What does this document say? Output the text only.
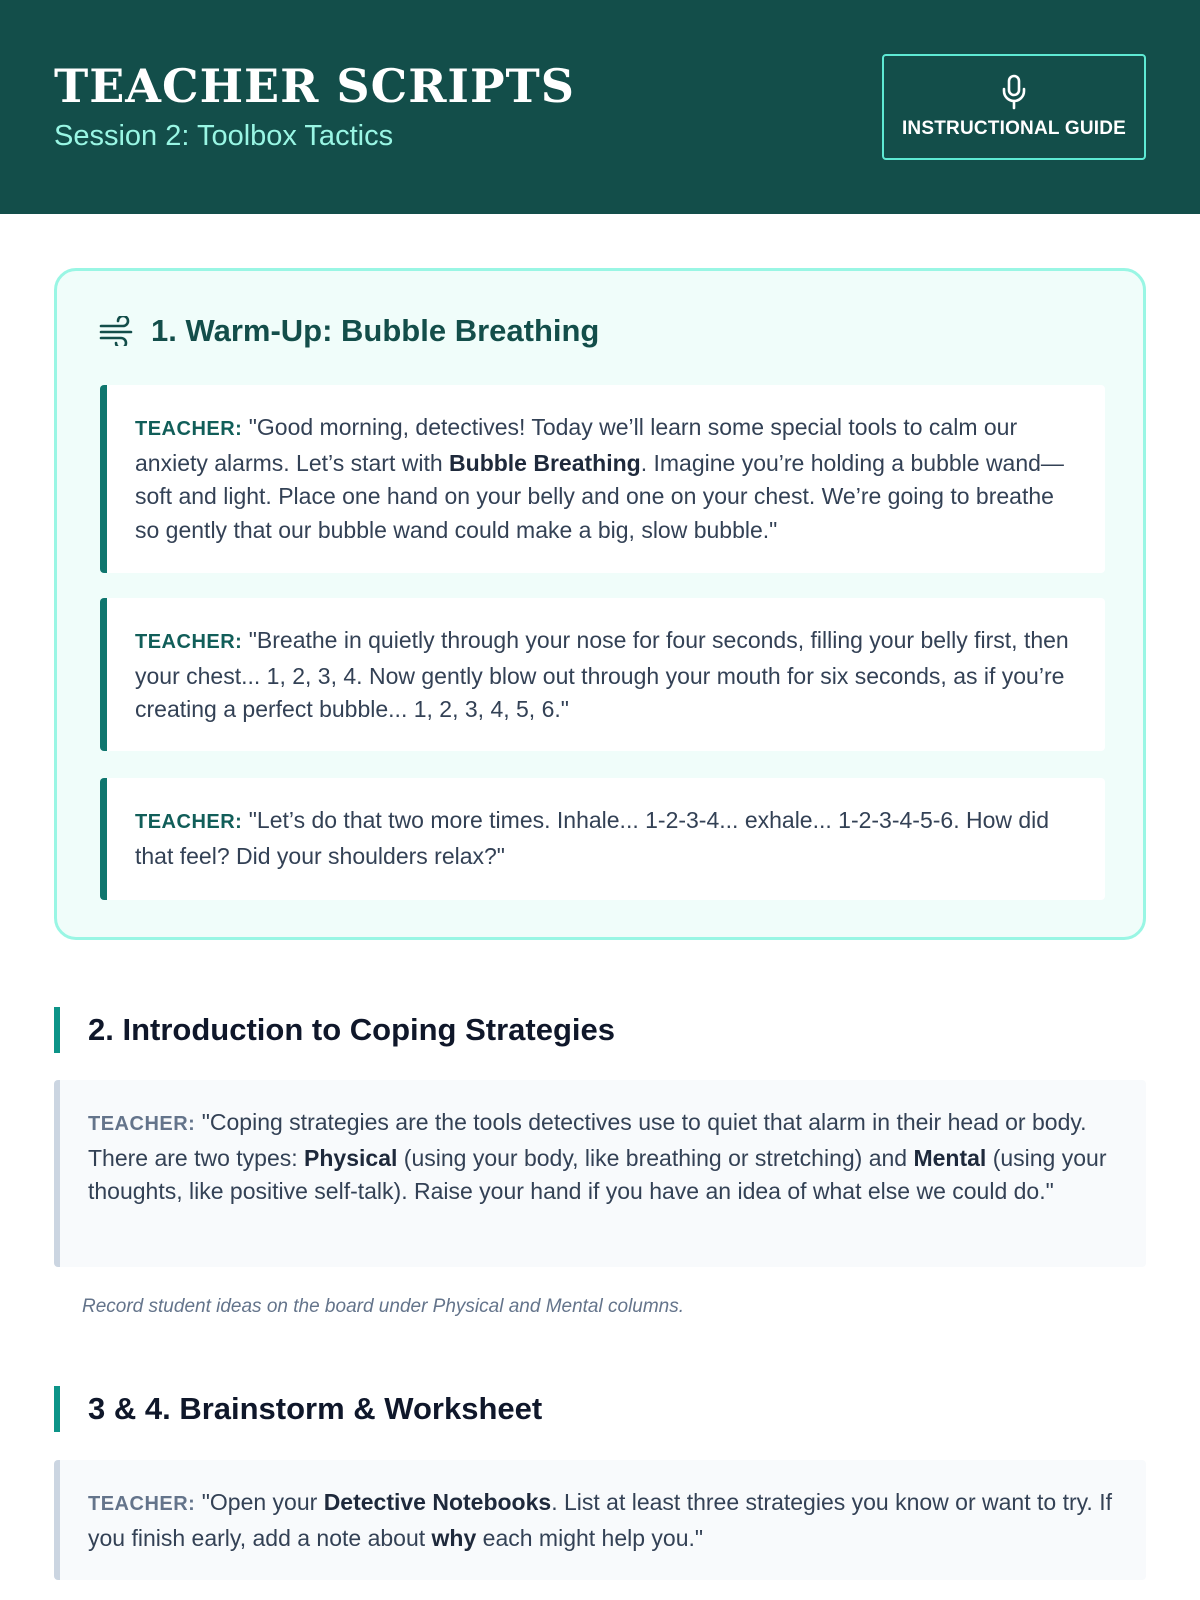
TEACHER SCRIPTS
Session 2: Toolbox Tactics	INSTRUCTIONAL GUIDE
1. Warm-Up: Bubble Breathing
TEACHER: "Good morning, detectives! Today we’ll learn some special tools to calm our anxiety alarms. Let’s start with Bubble Breathing. Imagine you’re holding a bubble wand—soft and light. Place one hand on your belly and one on your chest. We’re going to breathe so gently that our bubble wand could make a big, slow bubble."
TEACHER: "Breathe in quietly through your nose for four seconds, filling your belly first, then your chest... 1, 2, 3, 4. Now gently blow out through your mouth for six seconds, as if you’re creating a perfect bubble... 1, 2, 3, 4, 5, 6."
TEACHER: "Let’s do that two more times. Inhale... 1-2-3-4... exhale... 1-2-3-4-5-6. How did that feel? Did your shoulders relax?"
2. Introduction to Coping Strategies
TEACHER: "Coping strategies are the tools detectives use to quiet that alarm in their head or body. There are two types: Physical (using your body, like breathing or stretching) and Mental (using your thoughts, like positive self-talk). Raise your hand if you have an idea of what else we could do."

Record student ideas on the board under Physical and Mental columns.

3 & 4. Brainstorm & Worksheet
TEACHER: "Open your Detective Notebooks. List at least three strategies you know or want to try. If you finish early, add a note about why each might help you."
